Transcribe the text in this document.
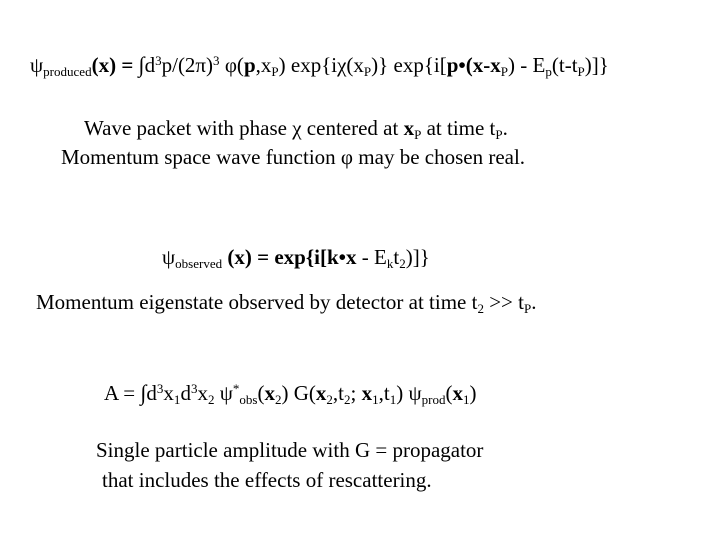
$\psi_{produced}(x) = \int d^3p/(2\pi)^3$ $\varphi(p,x_P)$ $\exp\{i\chi(x_P)\}$ $\exp\{i[p•(x-x_P) - E_p(t-t_P)]\}$
Wave packet with phase χ centered at $x_P$ at time $t_P$.
Momentum space wave function φ may be chosen real.
$\psi_{observed}$ (x) = exp{i[k•x - $E_kt_2$)]}
Momentum eigenstate observed by detector at time $t_2 >> t_P$.
$A = \int d^3x_1d^3x_2$ $\psi^*_{obs}(x_2)$ $G(x_2,t_2$; $x_1,t_1$) $\psi_{prod}(x_1)$
Single particle amplitude with G = propagator
that includes the effects of rescattering.
